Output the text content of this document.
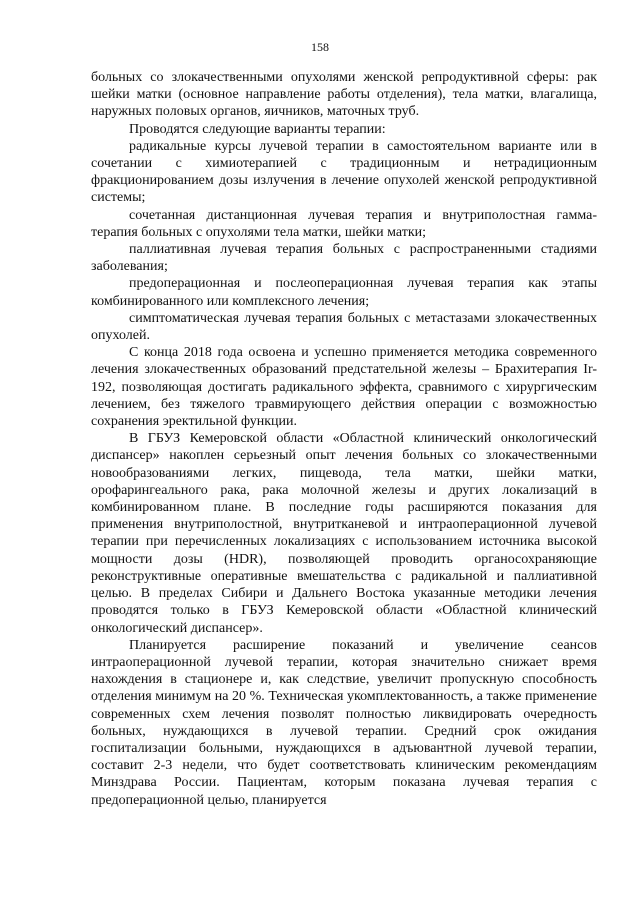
158

больных со злокачественными опухолями женской репродуктивной сферы: рак шейки матки (основное направление работы отделения), тела матки, влагалища, наружных половых органов, яичников, маточных труб.

Проводятся следующие варианты терапии:

радикальные курсы лучевой терапии в самостоятельном варианте или в сочетании с химиотерапией с традиционным и нетрадиционным фракционированием дозы излучения в лечение опухолей женской репродуктивной системы;

сочетанная дистанционная лучевая терапия и внутриполостная гамма-терапия больных с опухолями тела матки, шейки матки;

паллиативная лучевая терапия больных с распространенными стадиями заболевания;

предоперационная и послеоперационная лучевая терапия как этапы комбинированного или комплексного лечения;

симптоматическая лучевая терапия больных с метастазами злокачественных опухолей.

С конца 2018 года освоена и успешно применяется методика современного лечения злокачественных образований предстательной железы – Брахитерапия Ir-192, позволяющая достигать радикального эффекта, сравнимого с хирургическим лечением, без тяжелого травмирующего действия операции с возможностью сохранения эректильной функции.

В ГБУЗ Кемеровской области «Областной клинический онкологический диспансер» накоплен серьезный опыт лечения больных со злокачественными новообразованиями легких, пищевода, тела матки, шейки матки, орофарингеального рака, рака молочной железы и других локализаций в комбинированном плане. В последние годы расширяются показания для применения внутриполостной, внутритканевой и интраоперационной лучевой терапии при перечисленных локализациях с использованием источника высокой мощности дозы (HDR), позволяющей проводить органосохраняющие реконструктивные оперативные вмешательства с радикальной и паллиативной целью. В пределах Сибири и Дальнего Востока указанные методики лечения проводятся только в ГБУЗ Кемеровской области «Областной клинический онкологический диспансер».

Планируется расширение показаний и увеличение сеансов интраоперационной лучевой терапии, которая значительно снижает время нахождения в стационере и, как следствие, увеличит пропускную способность отделения минимум на 20 %. Техническая укомплектованность, а также применение современных схем лечения позволят полностью ликвидировать очередность больных, нуждающихся в лучевой терапии. Средний срок ожидания госпитализации больными, нуждающихся в адъювантной лучевой терапии, составит 2-3 недели, что будет соответствовать клиническим рекомендациям Минздрава России. Пациентам, которым показана лучевая терапия с предоперационной целью, планируется
